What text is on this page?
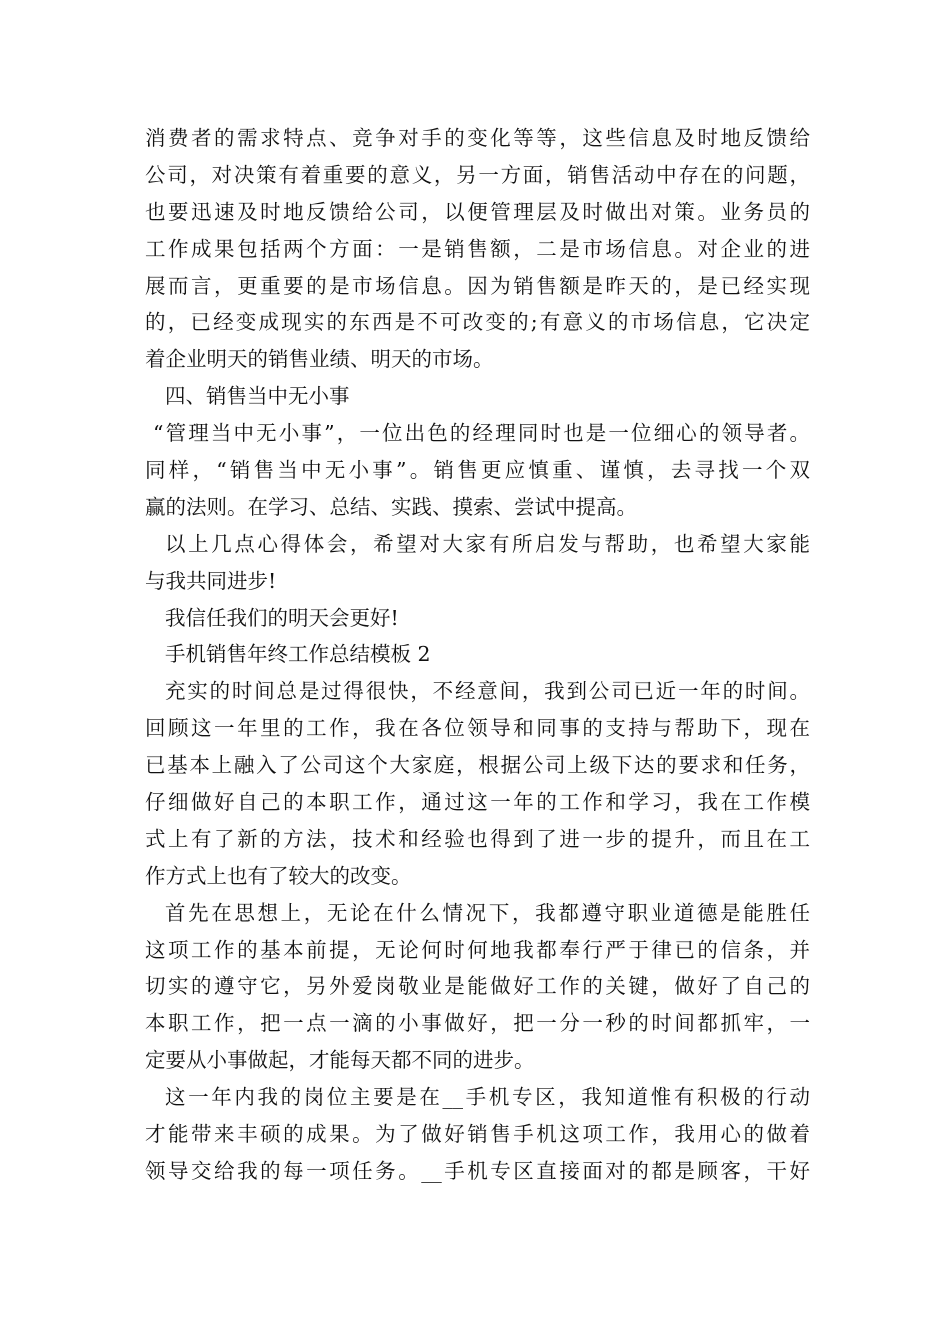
消费者的需求特点、竞争对手的变化等等，这些信息及时地反馈给
公司，对决策有着重要的意义，另一方面，销售活动中存在的问题，
也要迅速及时地反馈给公司，以便管理层及时做出对策。业务员的
工作成果包括两个方面：一是销售额，二是市场信息。对企业的进
展而言，更重要的是市场信息。因为销售额是昨天的，是已经实现
的，已经变成现实的东西是不可改变的;有意义的市场信息，它决定
着企业明天的销售业绩、明天的市场。
四、销售当中无小事
“管理当中无小事”，一位出色的经理同时也是一位细心的领导者。
同样，“销售当中无小事”。销售更应慎重、谨慎，去寻找一个双
赢的法则。在学习、总结、实践、摸索、尝试中提高。
以上几点心得体会，希望对大家有所启发与帮助，也希望大家能
与我共同进步!
我信任我们的明天会更好!
手机销售年终工作总结模板 2
充实的时间总是过得很快，不经意间，我到公司已近一年的时间。
回顾这一年里的工作，我在各位领导和同事的支持与帮助下，现在
已基本上融入了公司这个大家庭，根据公司上级下达的要求和任务，
仔细做好自己的本职工作，通过这一年的工作和学习，我在工作模
式上有了新的方法，技术和经验也得到了进一步的提升，而且在工
作方式上也有了较大的改变。
首先在思想上，无论在什么情况下，我都遵守职业道德是能胜任
这项工作的基本前提，无论何时何地我都奉行严于律已的信条，并
切实的遵守它，另外爱岗敬业是能做好工作的关键，做好了自己的
本职工作，把一点一滴的小事做好，把一分一秒的时间都抓牢，一
定要从小事做起，才能每天都不同的进步。
这一年内我的岗位主要是在__手机专区，我知道惟有积极的行动
才能带来丰硕的成果。为了做好销售手机这项工作，我用心的做着
领导交给我的每一项任务。__手机专区直接面对的都是顾客，干好
